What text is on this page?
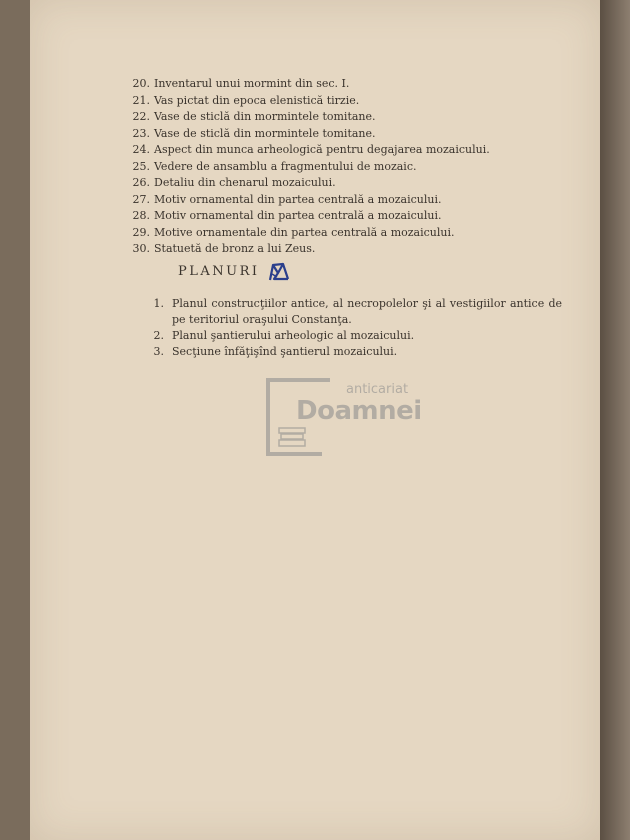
20. Inventarul unui mormint din sec. I.
21. Vas pictat din epoca elenistică tirzie.
22. Vase de sticlă din mormintele tomitane.
23. Vase de sticlă din mormintele tomitane.
24. Aspect din munca arheologică pentru degajarea mozaicului.
25. Vedere de ansamblu a fragmentului de mozaic.
26. Detaliu din chenarul mozaicului.
27. Motiv ornamental din partea centrală a mozaicului.
28. Motiv ornamental din partea centrală a mozaicului.
29. Motive ornamentale din partea centrală a mozaicului.
30. Statuetă de bronz a lui Zeus.
PLANURI
1. Planul construcţiilor antice, al necropolelor şi al vestigiilor antice de pe teritoriul oraşului Constanţa.
2. Planul şantierului arheologic al mozaicului.
3. Secţiune înfăţişînd şantierul mozaicului.
anticariat
Doamnei
